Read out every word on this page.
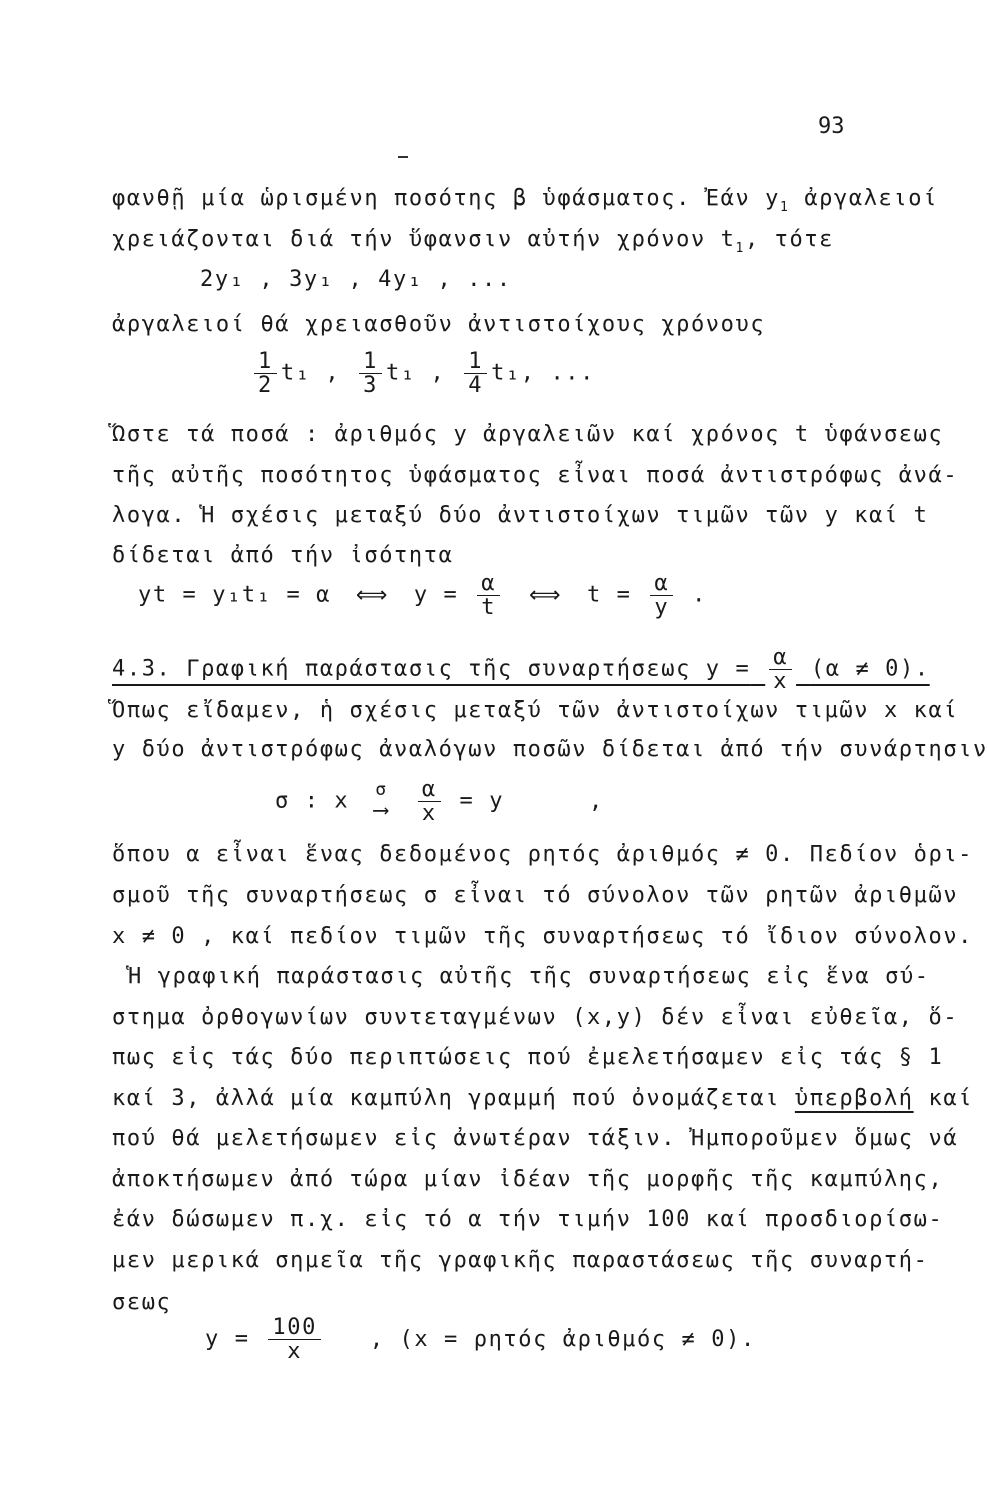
93
φανθῇ μία ὡρισμένη ποσότης β ὑφάσματος. Ἐάν $y_1$ ἀργαλειοί
χρειάζονται διά τήν ὕφανσιν αὐτήν χρόνον $t_1$, τότε
2y₁ , 3y₁ , 4y₁ , ...
ἀργαλειοί θά χρειασθοῦν ἀντιστοίχους χρόνους
$\frac{1}{2} t_1$ , $\frac{1}{3} t_1$ , $\frac{1}{4} t_1$, ...
Ὥστε τά ποσά : ἀριθμός y ἀργαλειῶν καί χρόνος t ὑφάνσεως
τῆς αὐτῆς ποσότητος ὑφάσματος εἶναι ποσά ἀντιστρόφως ἀνά-
λογα. Ἡ σχέσις μεταξύ δύο ἀντιστοίχων τιμῶν τῶν y καί t
δίδεται ἀπό τήν ἰσότητα
yt = y₁t₁ = α ⟺ $y = \frac{\alpha}{t}$ ⟺ $t = \frac{\alpha}{y}$ .
4.3. Γραφική παράστασις τῆς συναρτήσεως $y = \frac{\alpha}{x} (\alpha \ne 0)$.
Ὅπως εἴδαμεν, ἡ σχέσις μεταξύ τῶν ἀντιστοίχων τιμῶν x καί
y δύο ἀντιστρόφως ἀναλόγων ποσῶν δίδεται ἀπό τήν συνάρτησιν
σ : x σ
⟶
$\frac{\alpha}{x} = y$	,
ὅπου α εἶναι ἕνας δεδομένος ρητός ἀριθμός ≠ 0. Πεδίον ὁρι-
σμοῦ τῆς συναρτήσεως σ εἶναι τό σύνολον τῶν ρητῶν ἀριθμῶν
x ≠ 0 , καί πεδίον τιμῶν τῆς συναρτήσεως τό ἴδιον σύνολον.
Ἡ γραφική παράστασις αὐτῆς τῆς συναρτήσεως εἰς ἕνα σύ-
στημα ὀρθογωνίων συντεταγμένων (x,y) δέν εἶναι εὐθεῖα, ὅ-
πως εἰς τάς δύο περιπτώσεις πού ἐμελετήσαμεν εἰς τάς § 1
καί 3, ἀλλά μία καμπύλη γραμμή πού ὀνομάζεται ὑπερβολή καί
πού θά μελετήσωμεν εἰς ἀνωτέραν τάξιν. Ἠμποροῦμεν ὅμως νά
ἀποκτήσωμεν ἀπό τώρα μίαν ἰδέαν τῆς μορφῆς τῆς καμπύλης,
ἐάν δώσωμεν π.χ. εἰς τό α τήν τιμήν 100 καί προσδιορίσω-
μεν μερικά σημεῖα τῆς γραφικῆς παραστάσεως τῆς συναρτή-
σεως
$y = \frac{100}{x}$ , (x = ρητός ἀριθμός ≠ 0).
